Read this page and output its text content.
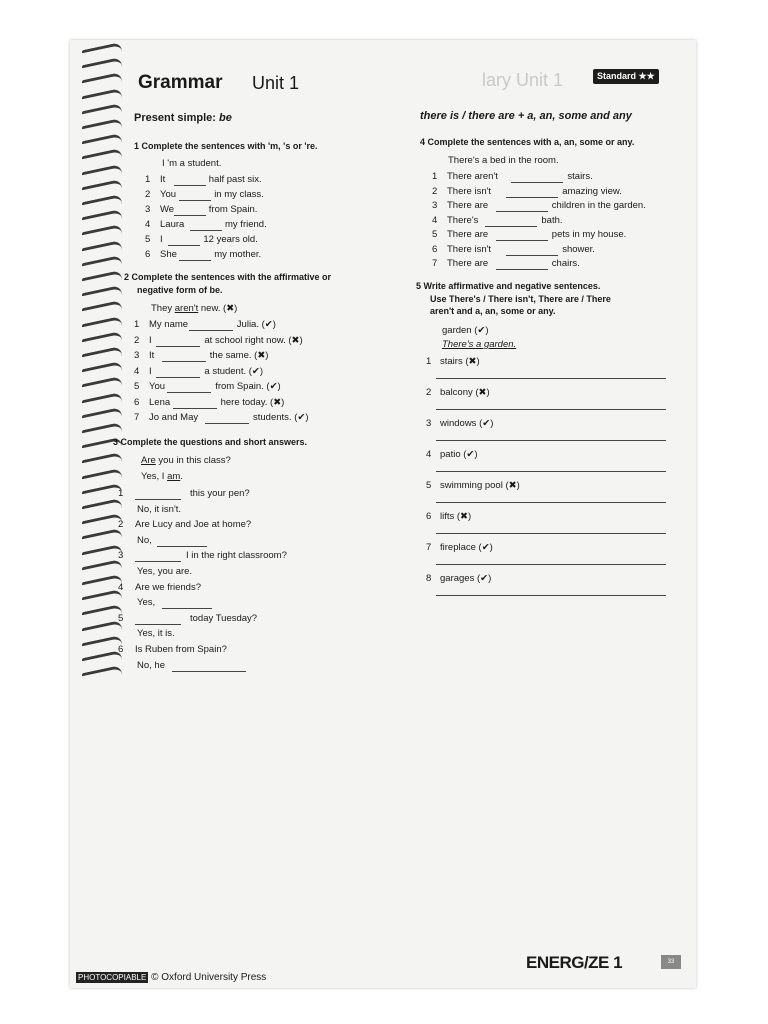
lary Unit 1
Grammar Unit 1	Standard ★★
Present simple: be
1 Complete the sentences with 'm, 's or 're.
I 'm a student.
1 It	half past six.
2 You	in my class.
3 We	from Spain.
4 Laura	my friend.
5 I	12 years old.
6 She	my mother.
2 Complete the sentences with the affirmative or
negative form of be.
They aren't new. (✖)
1 My name	Julia. (✔)
2 I	at school right now. (✖)
3 It	the same. (✖)
4 I	a student. (✔)
5 You	from Spain. (✔)
6 Lena	here today. (✖)
7 Jo and May	students. (✔)
3 Complete the questions and short answers.
Are you in this class?
Yes, I am.
1	this your pen?
No, it isn't.
2 Are Lucy and Joe at home?
No,
3	I in the right classroom?
Yes, you are.
4 Are we friends?
Yes,
5	today Tuesday?
Yes, it is.
6 Is Ruben from Spain?
No, he
there is / there are + a, an, some and any
4 Complete the sentences with a, an, some or any.
There's a bed in the room.
1 There aren't	stairs.
2 There isn't	amazing view.
3 There are	children in the garden.
4 There's	bath.
5 There are	pets in my house.
6 There isn't	shower.
7 There are	chairs.
5 Write affirmative and negative sentences.
Use There's / There isn't, There are / There
aren't and a, an, some or any.
garden (✔)
There's a garden.
1 stairs (✖)
2 balcony (✖)
3 windows (✔)
4 patio (✔)
5 swimming pool (✖)
6 lifts (✖)
7 fireplace (✔)
8 garages (✔)
PHOTOCOPIABLE © Oxford University Press
ENERG/ZE 1	33
